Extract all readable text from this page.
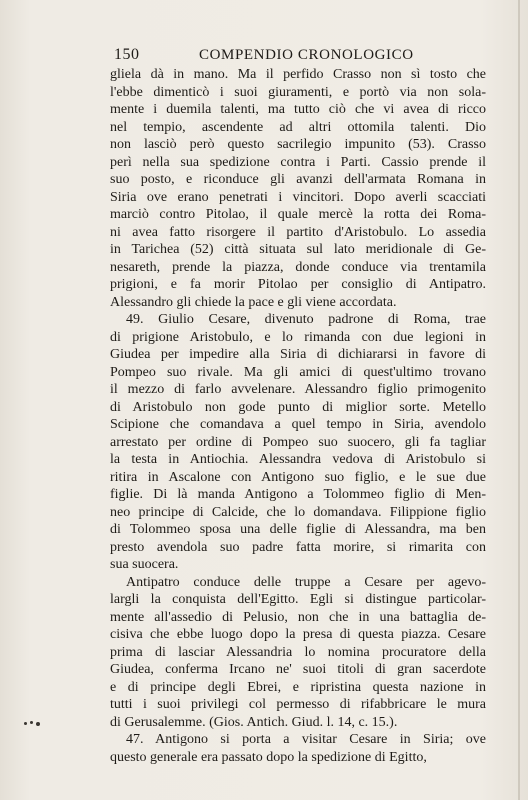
150	COMPENDIO CRONOLOGICO
gliela dà in mano. Ma il perfido Crasso non sì tosto che
l'ebbe dimenticò i suoi giuramenti, e portò via non sola-
mente i duemila talenti, ma tutto ciò che vi avea di ricco
nel tempio, ascendente ad altri ottomila talenti. Dio
non lasciò però questo sacrilegio impunito (53). Crasso
perì nella sua spedizione contra i Parti. Cassio prende il
suo posto, e riconduce gli avanzi dell'armata Romana in
Siria ove erano penetrati i vincitori. Dopo averli scacciati
marciò contro Pitolao, il quale mercè la rotta dei Roma-
ni avea fatto risorgere il partito d'Aristobulo. Lo assedia
in Tarichea (52) città situata sul lato meridionale di Ge-
nesareth, prende la piazza, donde conduce via trentamila
prigioni, e fa morir Pitolao per consiglio di Antipatro.
Alessandro gli chiede la pace e gli viene accordata.
49. Giulio Cesare, divenuto padrone di Roma, trae
di prigione Aristobulo, e lo rimanda con due legioni in
Giudea per impedire alla Siria di dichiararsi in favore di
Pompeo suo rivale. Ma gli amici di quest'ultimo trovano
il mezzo di farlo avvelenare. Alessandro figlio primogenito
di Aristobulo non gode punto di miglior sorte. Metello
Scipione che comandava a quel tempo in Siria, avendolo
arrestato per ordine di Pompeo suo suocero, gli fa tagliar
la testa in Antiochia. Alessandra vedova di Aristobulo si
ritira in Ascalone con Antigono suo figlio, e le sue due
figlie. Di là manda Antigono a Tolommeo figlio di Men-
neo principe di Calcide, che lo domandava. Filippione figlio
di Tolommeo sposa una delle figlie di Alessandra, ma ben
presto avendola suo padre fatta morire, si rimarita con
sua suocera.
Antipatro conduce delle truppe a Cesare per agevo-
largli la conquista dell'Egitto. Egli si distingue particolar-
mente all'assedio di Pelusio, non che in una battaglia de-
cisiva che ebbe luogo dopo la presa di questa piazza. Cesare
prima di lasciar Alessandria lo nomina procuratore della
Giudea, conferma Ircano ne' suoi titoli di gran sacerdote
e di principe degli Ebrei, e ripristina questa nazione in
tutti i suoi privilegi col permesso di rifabbricare le mura
di Gerusalemme. (Gios. Antich. Giud. l. 14, c. 15.).
47. Antigono si porta a visitar Cesare in Siria; ove
questo generale era passato dopo la spedizione di Egitto,
